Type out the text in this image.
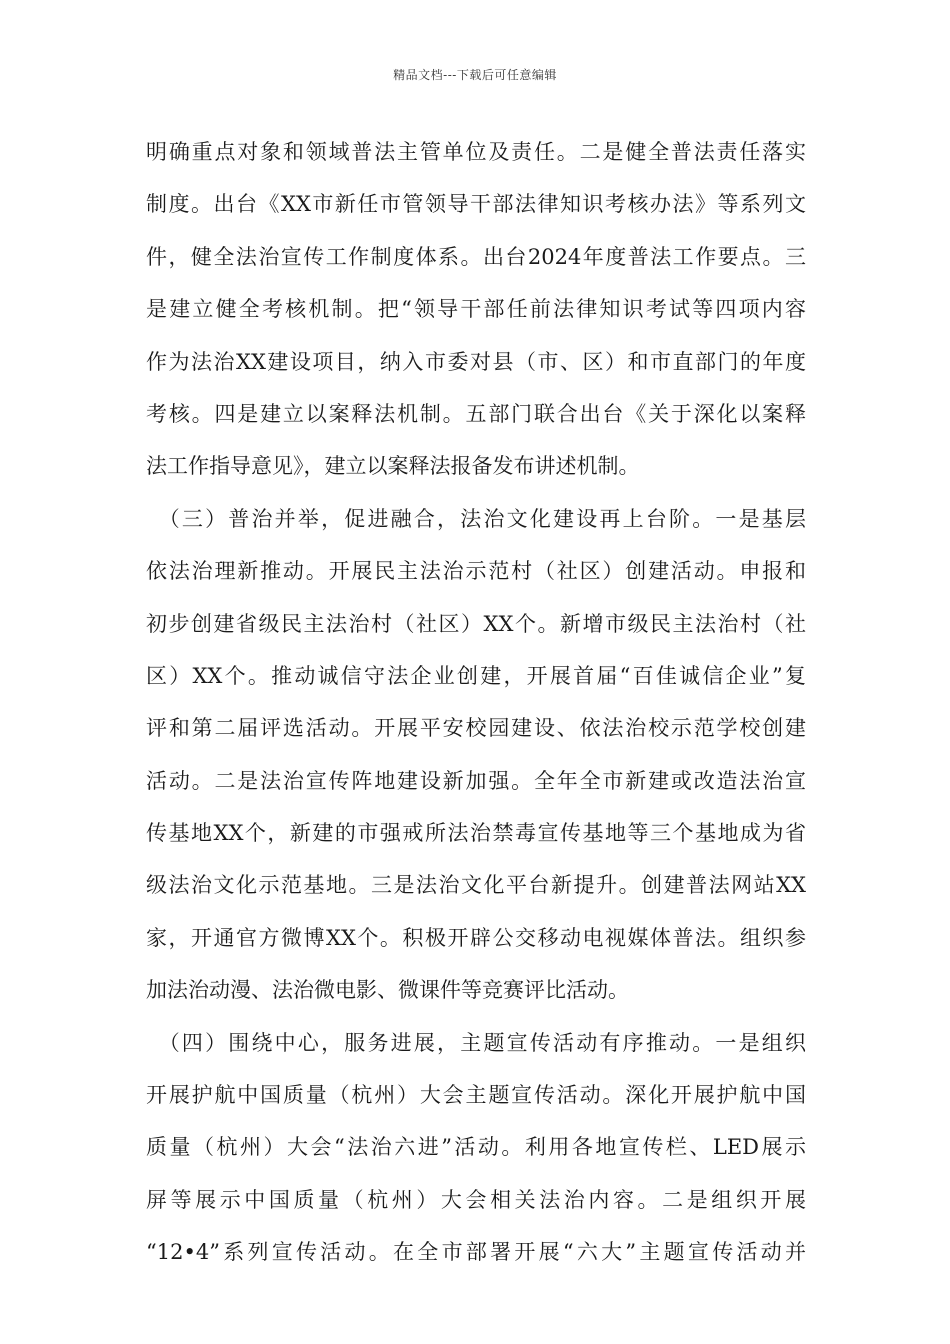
精品文档---下载后可任意编辑
明确重点对象和领域普法主管单位及责任。二是健全普法责任落实
制度。出台《XX市新任市管领导干部法律知识考核办法》等系列文
件，健全法治宣传工作制度体系。出台2024年度普法工作要点。三
是建立健全考核机制。把“领导干部任前法律知识考试等四项内容
作为法治XX建设项目，纳入市委对县（市、区）和市直部门的年度
考核。四是建立以案释法机制。五部门联合出台《关于深化以案释
法工作指导意见》，建立以案释法报备发布讲述机制。
　（三）普治并举，促进融合，法治文化建设再上台阶。一是基层
依法治理新推动。开展民主法治示范村（社区）创建活动。申报和
初步创建省级民主法治村（社区）XX个。新增市级民主法治村（社
区）XX个。推动诚信守法企业创建，开展首届“百佳诚信企业”复
评和第二届评选活动。开展平安校园建设、依法治校示范学校创建
活动。二是法治宣传阵地建设新加强。全年全市新建或改造法治宣
传基地XX个，新建的市强戒所法治禁毒宣传基地等三个基地成为省
级法治文化示范基地。三是法治文化平台新提升。创建普法网站XX
家，开通官方微博XX个。积极开辟公交移动电视媒体普法。组织参
加法治动漫、法治微电影、微课件等竞赛评比活动。
　（四）围绕中心，服务进展，主题宣传活动有序推动。一是组织
开展护航中国质量（杭州）大会主题宣传活动。深化开展护航中国
质量（杭州）大会“法治六进”活动。利用各地宣传栏、LED展示
屏等展示中国质量（杭州）大会相关法治内容。二是组织开展
“12•4”系列宣传活动。在全市部署开展“六大”主题宣传活动并
